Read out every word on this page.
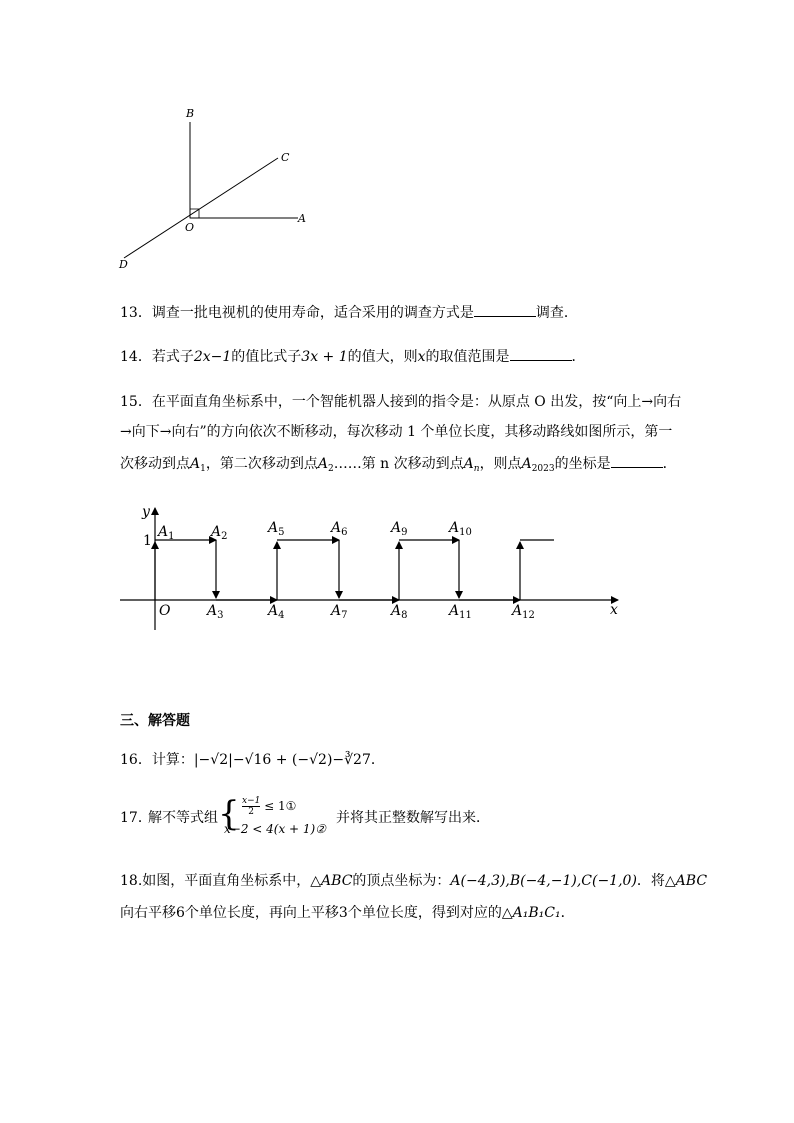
B
C
O
A
D
13．调查一批电视机的使用寿命，适合采用的调查方式是	调查．
14．若式子2x−1的值比式子3x + 1的值大，则x的取值范围是	．
15．在平面直角坐标系中，一个智能机器人接到的指令是：从原点 O 出发，按“向上→向右
→向下→向右”的方向依次不断移动，每次移动 1 个单位长度，其移动路线如图所示，第一
次移动到点$A_1$，第二次移动到点$A_2\dots\dots$第 n 次移动到点$A_n$，则点$A_{2023}$的坐标是	．
y
x
O
1
$A_1$	$A_2$
$A_5$	$A_6$	$A_9$	$A_{10}$
$A_3$	$A_4$	$A_7$	$A_8$	$A_{11}$	$A_{12}$
三、解答题
16．计算：|−√2|−√16 + (−√2)−∛27．
17．
解不等式组 { $\frac{x-1}{2}$ ≤ 1①
x−2 < 4(x + 1)②
并将其正整数解写出来．
18.如图，平面直角坐标系中，△ABC的顶点坐标为：A(−4,3),B(−4,−1),C(−1,0)．将△ABC
向右平移6个单位长度，再向上平移3个单位长度，得到对应的△A₁B₁C₁．
